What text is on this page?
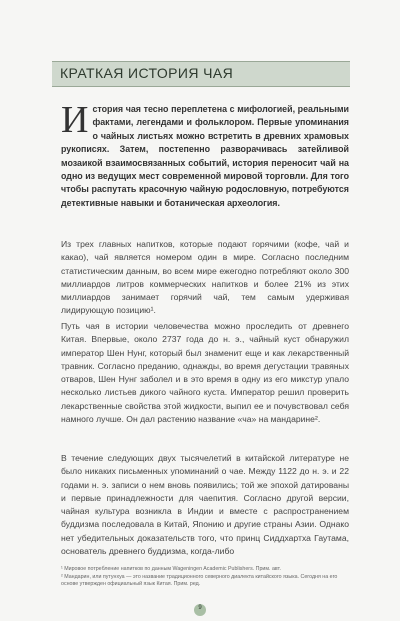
КРАТКАЯ ИСТОРИЯ ЧАЯ
История чая тесно переплетена с мифологией, реальными фактами, легендами и фольклором. Первые упоминания о чайных листьях можно встретить в древних храмовых рукописях. Затем, постепенно разворачивась затейливой мозаикой взаимосвязанных событий, история переносит чай на одно из ведущих мест современной мировой торговли. Для того чтобы распутать красочную чайную родословную, потребуются детективные навыки и ботаническая археология.
Из трех главных напитков, которые подают горячими (кофе, чай и какао), чай является номером один в мире. Согласно последним статистическим данным, во всем мире ежегодно потребляют около 300 миллиардов литров коммерческих напитков и более 21% из этих миллиардов занимает горячий чай, тем самым удерживая лидирующую позицию¹.
Путь чая в истории человечества можно проследить от древнего Китая. Впервые, около 2737 года до н. э., чайный куст обнаружил император Шен Нунг, который был знаменит еще и как лекарственный травник. Согласно преданию, однажды, во время дегустации травяных отваров, Шен Нунг заболел и в это время в одну из его микстур упало несколько листьев дикого чайного куста. Император решил проверить лекарственные свойства этой жидкости, выпил ее и почувствовал себя намного лучше. Он дал растению название «ча» на мандарине².
В течение следующих двух тысячелетий в китайской литературе не было никаких письменных упоминаний о чае. Между 1122 до н. э. и 22 годами н. э. записи о нем вновь появились; той же эпохой датированы и первые принадлежности для чаепития. Согласно другой версии, чайная культура возникла в Индии и вместе с распространением буддизма последовала в Китай, Японию и другие страны Азии. Однако нет убедительных доказательств того, что принц Сиддхартха Гаутама, основатель древнего буддизма, когда-либо
¹ Мировое потребление напитков по данным Wageningen Academic Publishers. Прим. авт.
² Мандарин, или путунхуа — это название традиционного северного диалекта китайского языка. Сегодня на его основе утвержден официальный язык Китая. Прим. ред.
9
